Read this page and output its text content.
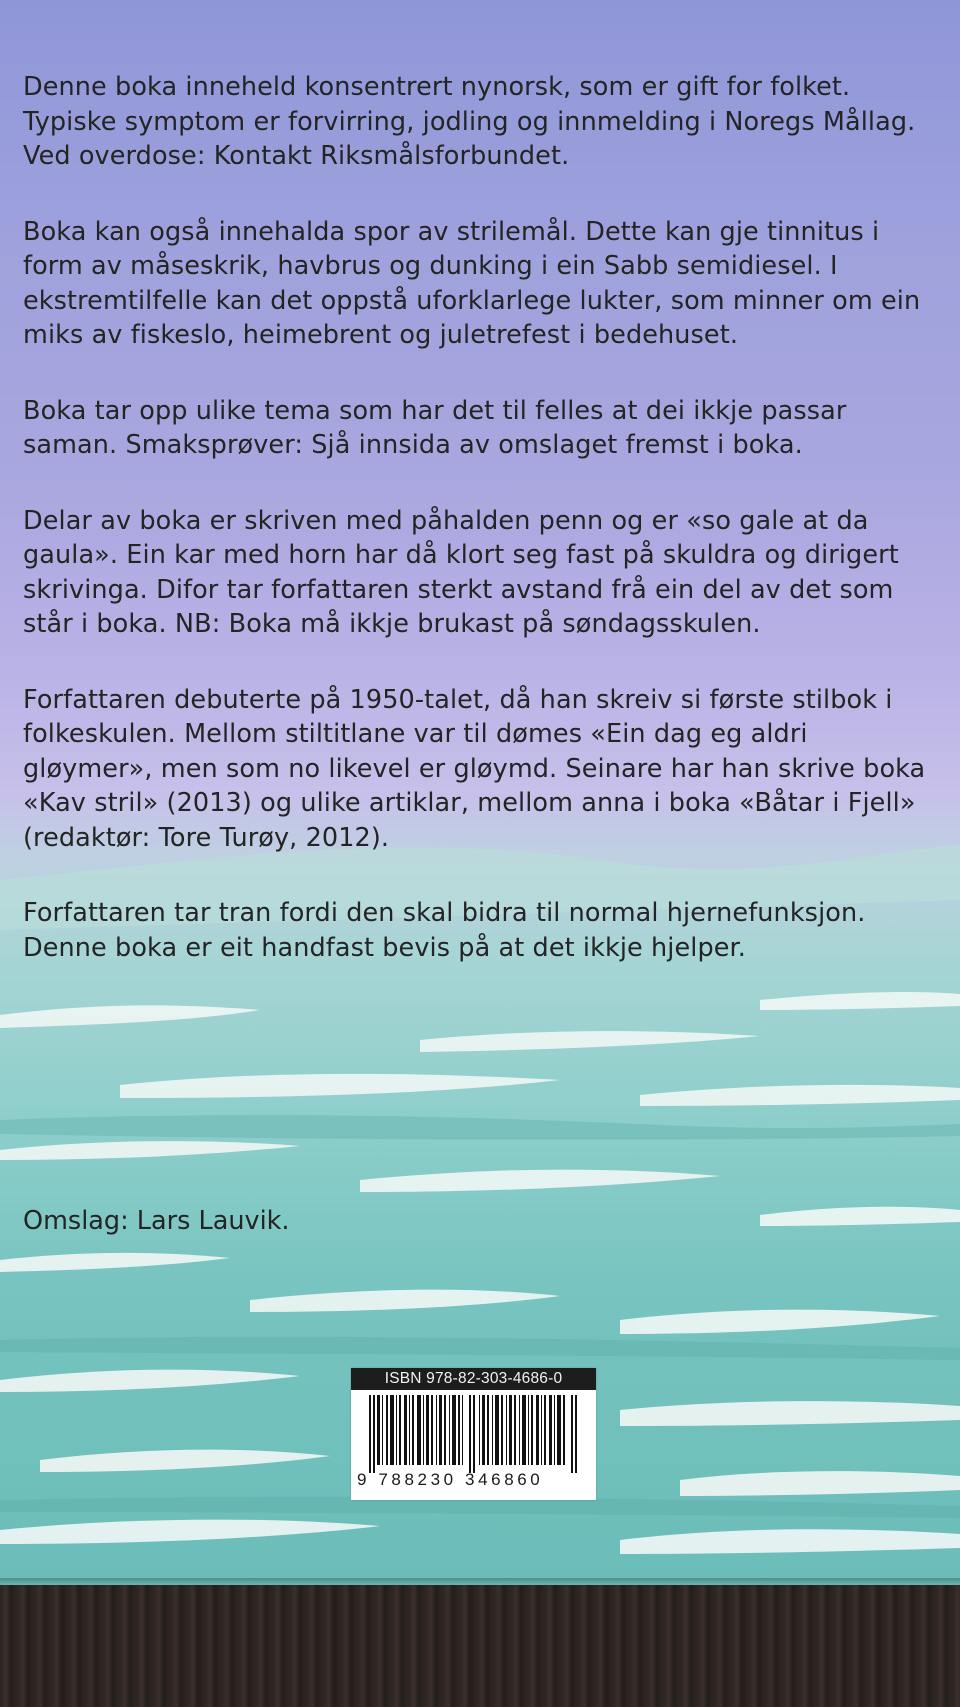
Denne boka inneheld konsentrert nynorsk, som er gift for folket. Typiske symptom er forvirring, jodling og innmelding i Noregs Mållag. Ved overdose: Kontakt Riksmålsforbundet.

Boka kan også innehalda spor av strilemål. Dette kan gje tinnitus i form av måseskrik, havbrus og dunking i ein Sabb semidiesel. I ekstremtilfelle kan det oppstå uforklarlege lukter, som minner om ein miks av fiskeslo, heimebrent og juletrefest i bedehuset.

Boka tar opp ulike tema som har det til felles at dei ikkje passar saman. Smaksprøver: Sjå innsida av omslaget fremst i boka.

Delar av boka er skriven med påhalden penn og er «so gale at da gaula». Ein kar med horn har då klort seg fast på skuldra og dirigert skrivinga. Difor tar forfattaren sterkt avstand frå ein del av det som står i boka. NB: Boka må ikkje brukast på søndagsskulen.

Forfattaren debuterte på 1950-talet, då han skreiv si første stilbok i folkeskulen. Mellom stiltitlane var til dømes «Ein dag eg aldri gløymer», men som no likevel er gløymd. Seinare har han skrive boka «Kav stril» (2013) og ulike artiklar, mellom anna i boka «Båtar i Fjell» (redaktør: Tore Turøy, 2012).

Forfattaren tar tran fordi den skal bidra til normal hjernefunksjon. Denne boka er eit handfast bevis på at det ikkje hjelper.

Omslag: Lars Lauvik.
ISBN 978-82-303-4686-0
9 788230 346860
